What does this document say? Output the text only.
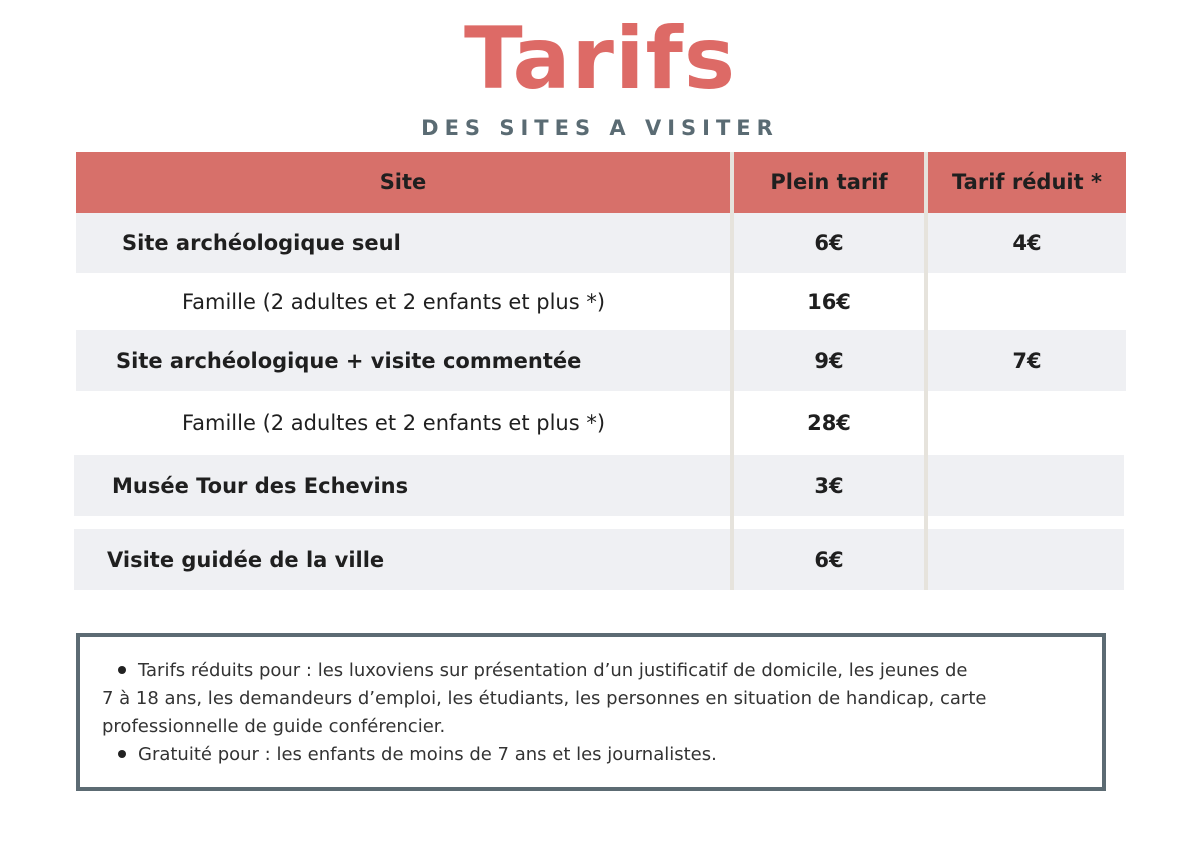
Tarifs
DES SITES A VISITER
Site	Plein tarif	Tarif réduit *
Site archéologique seul	6€	4€
Famille (2 adultes et 2 enfants et plus *)	16€
Site archéologique + visite commentée	9€	7€
Famille (2 adultes et 2 enfants et plus *)	28€
Musée Tour des Echevins	3€
Visite guidée de la ville	6€
Tarifs réduits pour : les luxoviens sur présentation d’un justificatif de domicile, les jeunes de
7 à 18 ans, les demandeurs d’emploi, les étudiants, les personnes en situation de handicap, carte
professionnelle de guide conférencier.
Gratuité pour : les enfants de moins de 7 ans et les journalistes.
